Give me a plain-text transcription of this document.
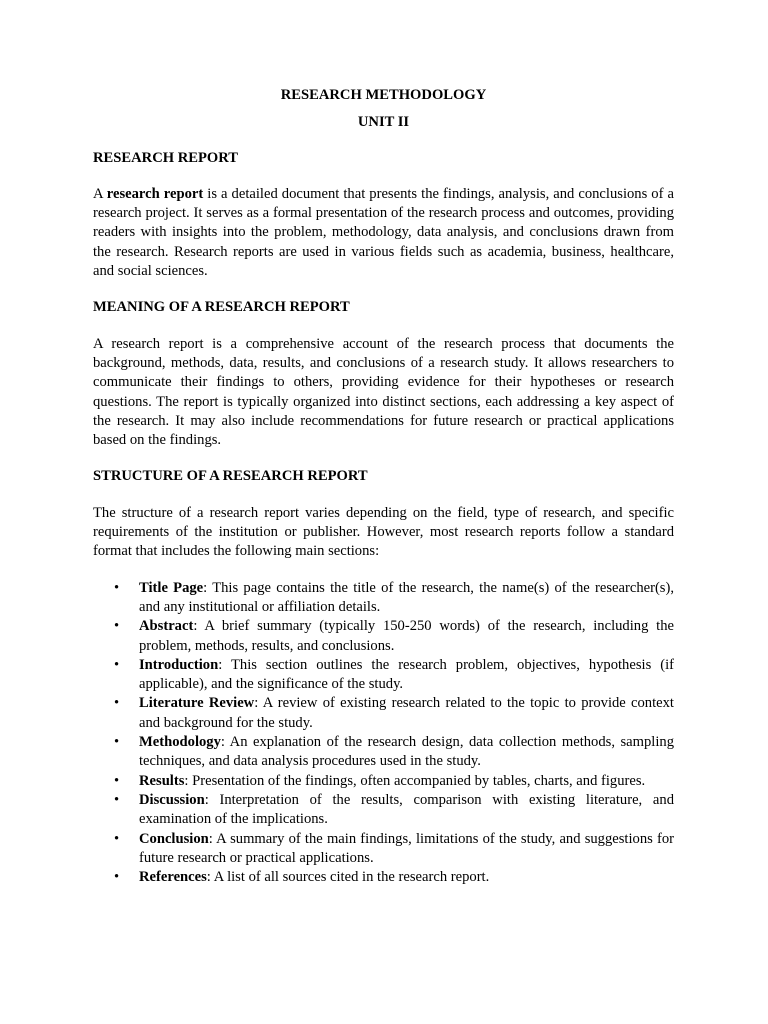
RESEARCH METHODOLOGY

UNIT II

RESEARCH REPORT

A research report is a detailed document that presents the findings, analysis, and conclusions of a research project. It serves as a formal presentation of the research process and outcomes, providing readers with insights into the problem, methodology, data analysis, and conclusions drawn from the research. Research reports are used in various fields such as academia, business, healthcare, and social sciences.

MEANING OF A RESEARCH REPORT

A research report is a comprehensive account of the research process that documents the background, methods, data, results, and conclusions of a research study. It allows researchers to communicate their findings to others, providing evidence for their hypotheses or research questions. The report is typically organized into distinct sections, each addressing a key aspect of the research. It may also include recommendations for future research or practical applications based on the findings.

STRUCTURE OF A RESEARCH REPORT

The structure of a research report varies depending on the field, type of research, and specific requirements of the institution or publisher. However, most research reports follow a standard format that includes the following main sections:

• Title Page: This page contains the title of the research, the name(s) of the researcher(s), and any institutional or affiliation details.
• Abstract: A brief summary (typically 150-250 words) of the research, including the problem, methods, results, and conclusions.
• Introduction: This section outlines the research problem, objectives, hypothesis (if applicable), and the significance of the study.
• Literature Review: A review of existing research related to the topic to provide context and background for the study.
• Methodology: An explanation of the research design, data collection methods, sampling techniques, and data analysis procedures used in the study.
• Results: Presentation of the findings, often accompanied by tables, charts, and figures.
• Discussion: Interpretation of the results, comparison with existing literature, and examination of the implications.
• Conclusion: A summary of the main findings, limitations of the study, and suggestions for future research or practical applications.
• References: A list of all sources cited in the research report.
